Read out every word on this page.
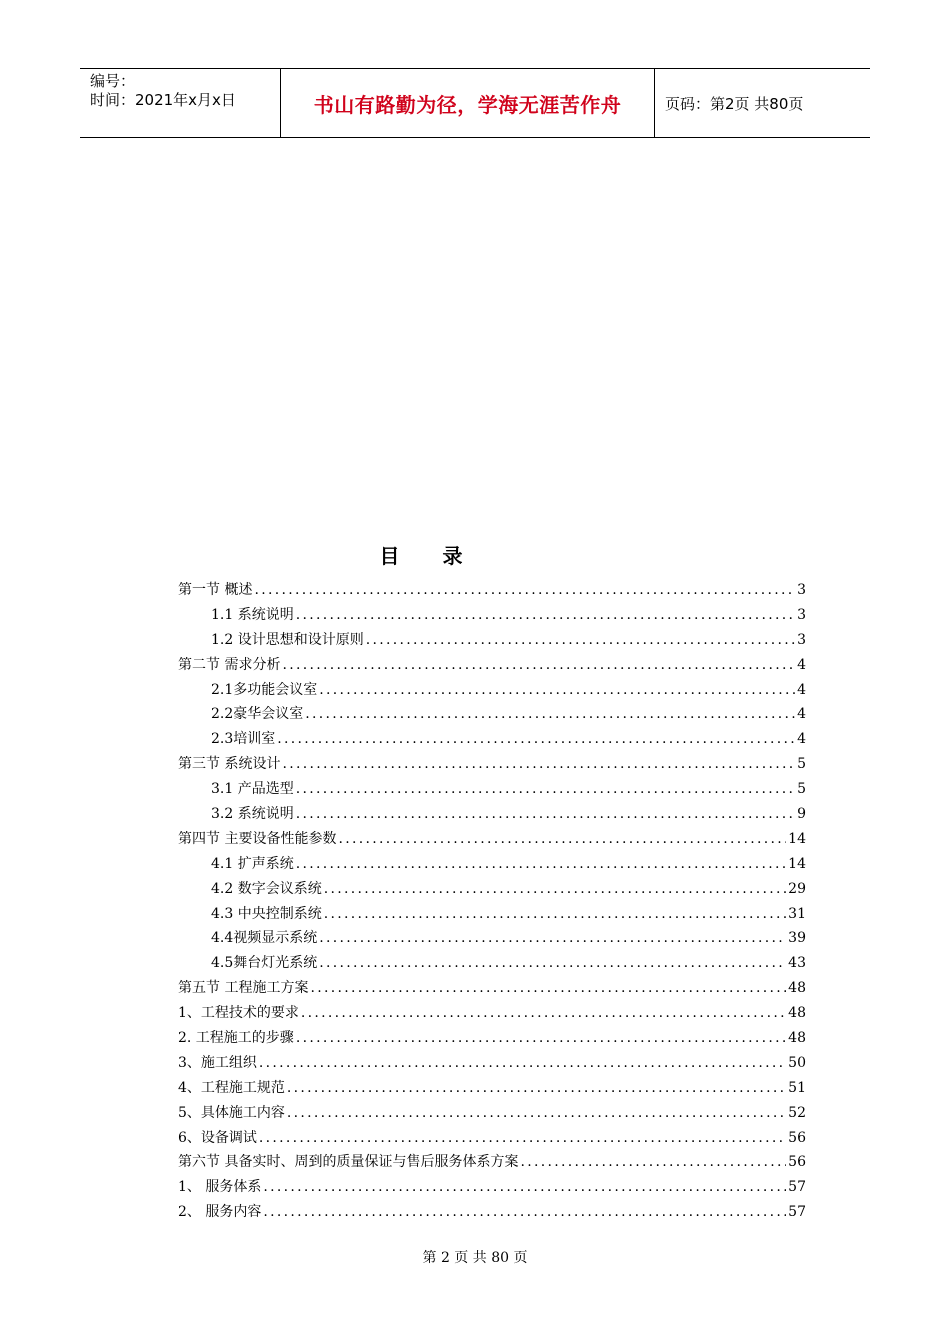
编号：
时间：2021年x月x日	书山有路勤为径，学海无涯苦作舟	页码：第2页 共80页
目 录
第一节 概述 .....	3
1.1 系统说明 .....	3
1.2 设计思想和设计原则 .....	3
第二节 需求分析 .....	4
2.1多功能会议室 .....	4
2.2豪华会议室 .....	4
2.3培训室 .....	4
第三节 系统设计 .....	5
3.1 产品选型 .....	5
3.2 系统说明 .....	9
第四节 主要设备性能参数 .....	14
4.1 扩声系统 .....	14
4.2 数字会议系统 .....	29
4.3 中央控制系统 .....	31
4.4视频显示系统 .....	39
4.5舞台灯光系统 .....	43
第五节 工程施工方案 .....	48
1、工程技术的要求 .....	48
2. 工程施工的步骤 .....	48
3、施工组织 .....	50
4、工程施工规范 .....	51
5、具体施工内容 .....	52
6、设备调试 .....	56
第六节 具备实时、周到的质量保证与售后服务体系方案 .....	56
1、 服务体系 .....	57
2、 服务内容 .....	57
第 2 页 共 80 页
